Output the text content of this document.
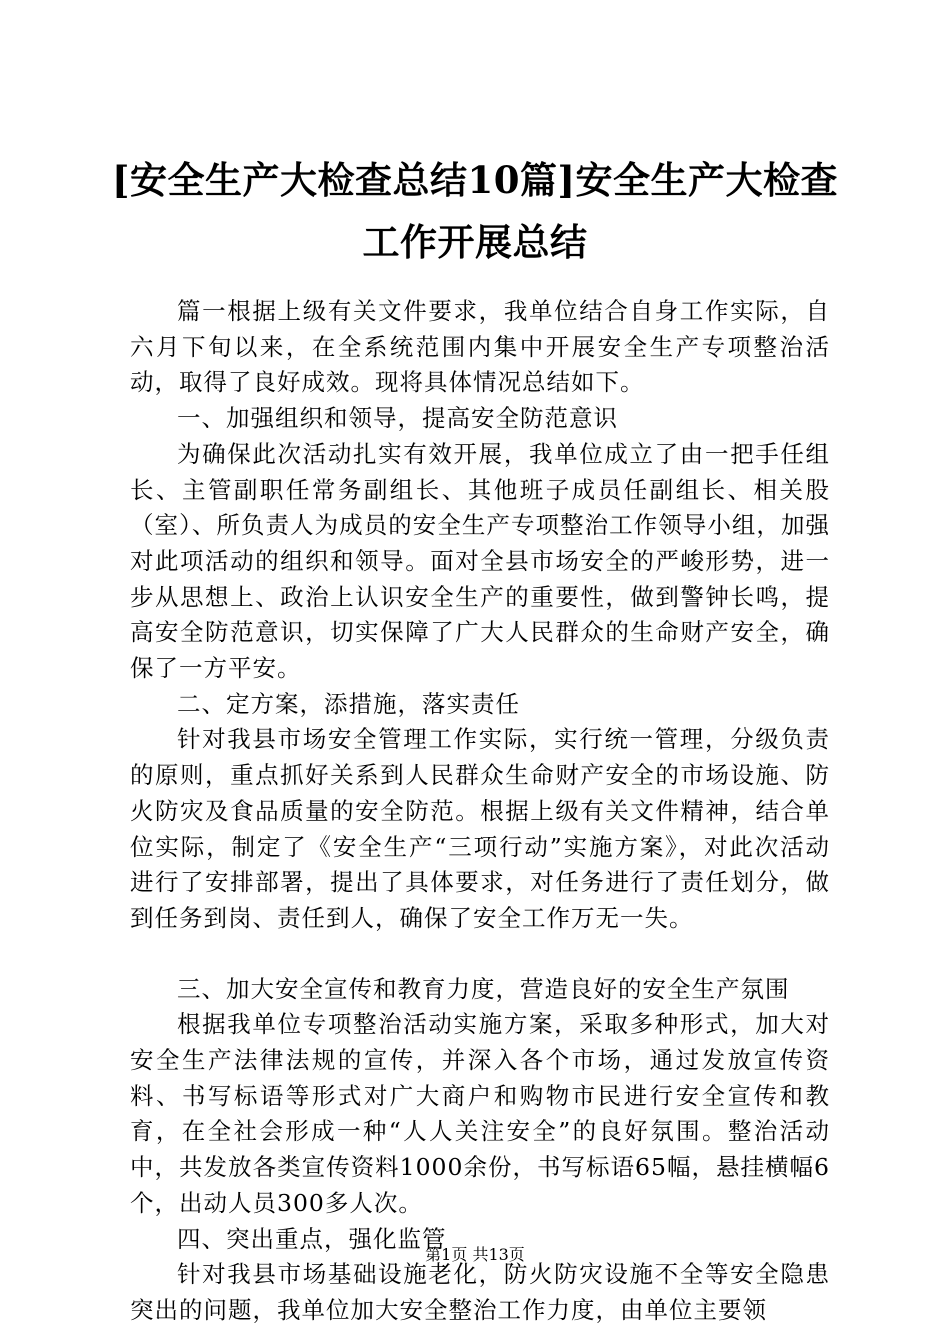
[安全生产大检查总结10篇]安全生产大检查
工作开展总结

篇一根据上级有关文件要求，我单位结合自身工作实际，自六月下旬以来，在全系统范围内集中开展安全生产专项整治活动，取得了良好成效。现将具体情况总结如下。

一、加强组织和领导，提高安全防范意识

为确保此次活动扎实有效开展，我单位成立了由一把手任组长、主管副职任常务副组长、其他班子成员任副组长、相关股（室）、所负责人为成员的安全生产专项整治工作领导小组，加强对此项活动的组织和领导。面对全县市场安全的严峻形势，进一步从思想上、政治上认识安全生产的重要性，做到警钟长鸣，提高安全防范意识，切实保障了广大人民群众的生命财产安全，确保了一方平安。

二、定方案，添措施，落实责任

针对我县市场安全管理工作实际，实行统一管理，分级负责的原则，重点抓好关系到人民群众生命财产安全的市场设施、防火防灾及食品质量的安全防范。根据上级有关文件精神，结合单位实际，制定了《安全生产“三项行动”实施方案》，对此次活动进行了安排部署，提出了具体要求，对任务进行了责任划分，做到任务到岗、责任到人，确保了安全工作万无一失。

三、加大安全宣传和教育力度，营造良好的安全生产氛围

根据我单位专项整治活动实施方案，采取多种形式，加大对安全生产法律法规的宣传，并深入各个市场，通过发放宣传资料、书写标语等形式对广大商户和购物市民进行安全宣传和教育，在全社会形成一种“人人关注安全”的良好氛围。整治活动中，共发放各类宣传资料1000余份，书写标语65幅，悬挂横幅6个，出动人员300多人次。

四、突出重点，强化监管

针对我县市场基础设施老化，防火防灾设施不全等安全隐患突出的问题，我单位加大安全整治工作力度，由单位主要领

第1页 共13页
